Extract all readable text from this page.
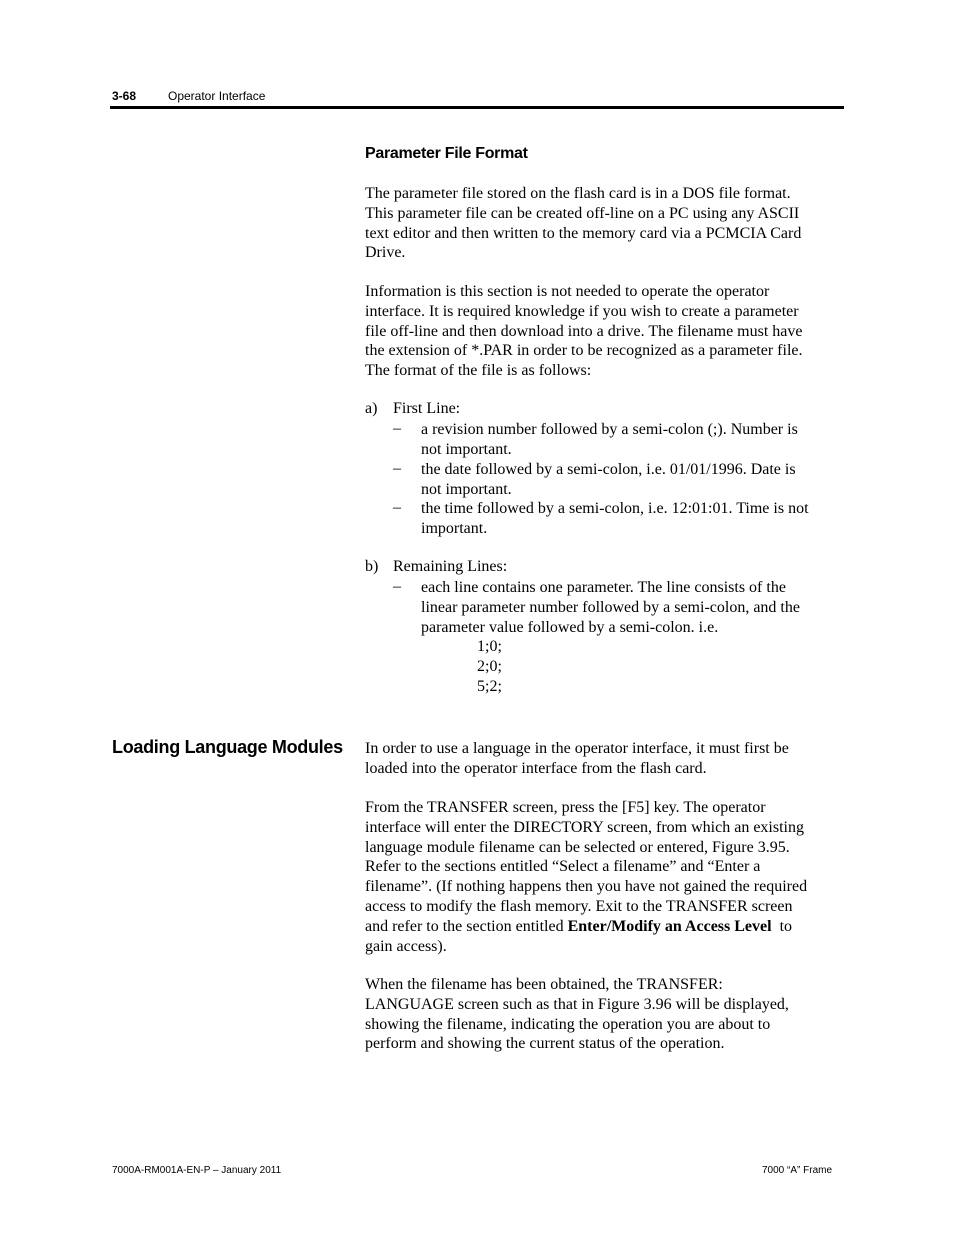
3-68	Operator Interface
Parameter File Format
The parameter file stored on the flash card is in a DOS file format.
This parameter file can be created off-line on a PC using any ASCII
text editor and then written to the memory card via a PCMCIA Card
Drive.
Information is this section is not needed to operate the operator
interface. It is required knowledge if you wish to create a parameter
file off-line and then download into a drive. The filename must have
the extension of *.PAR in order to be recognized as a parameter file.
The format of the file is as follows:
a) First Line:
– a revision number followed by a semi-colon (;). Number is
not important.
– the date followed by a semi-colon, i.e. 01/01/1996. Date is
not important.
– the time followed by a semi-colon, i.e. 12:01:01. Time is not
important.
b) Remaining Lines:
– each line contains one parameter. The line consists of the
linear parameter number followed by a semi-colon, and the
parameter value followed by a semi-colon. i.e.
1;0;
2;0;
5;2;
Loading Language Modules In order to use a language in the operator interface, it must first be
loaded into the operator interface from the flash card.
From the TRANSFER screen, press the [F5] key. The operator
interface will enter the DIRECTORY screen, from which an existing
language module filename can be selected or entered, Figure 3.95.
Refer to the sections entitled “Select a filename” and “Enter a
filename”. (If nothing happens then you have not gained the required
access to modify the flash memory. Exit to the TRANSFER screen
and refer to the section entitled Enter/Modify an Access Level  to
gain access).
When the filename has been obtained, the TRANSFER:
LANGUAGE screen such as that in Figure 3.96 will be displayed,
showing the filename, indicating the operation you are about to
perform and showing the current status of the operation.
7000A-RM001A-EN-P – January 2011	7000 “A” Frame
